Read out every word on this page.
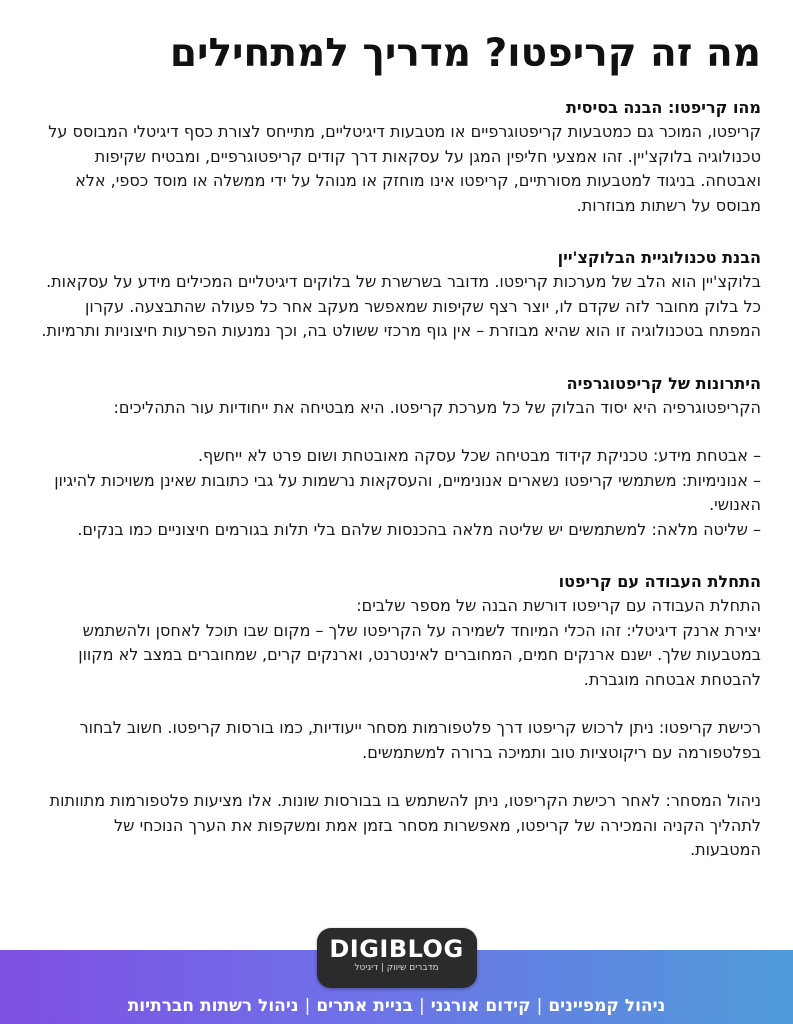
מה זה קריפטו? מדריך למתחילים
מהו קריפטו: הבנה בסיסית

קריפטו, המוכר גם כמטבעות קריפטוגרפיים או מטבעות דיגיטליים, מתייחס לצורת כסף דיגיטלי המבוסס על טכנולוגיה בלוקצ'יין. זהו אמצעי חליפין המגן על עסקאות דרך קודים קריפטוגרפיים, ומבטיח שקיפות ואבטחה. בניגוד למטבעות מסורתיים, קריפטו אינו מוחזק או מנוהל על ידי ממשלה או מוסד כספי, אלא מבוסס על רשתות מבוזרות.

הבנת טכנולוגיית הבלוקצ'יין

בלוקצ'יין הוא הלב של מערכות קריפטו. מדובר בשרשרת של בלוקים דיגיטליים המכילים מידע על עסקאות. כל בלוק מחובר לזה שקדם לו, יוצר רצף שקיפות שמאפשר מעקב אחר כל פעולה שהתבצעה. עקרון המפתח בטכנולוגיה זו הוא שהיא מבוזרת – אין גוף מרכזי ששולט בה, וכך נמנעות הפרעות חיצוניות ותרמיות.

היתרונות של קריפטוגרפיה

הקריפטוגרפיה היא יסוד הבלוק של כל מערכת קריפטו. היא מבטיחה את ייחודיות עור התהליכים:

– אבטחת מידע: טכניקת קידוד מבטיחה שכל עסקה מאובטחת ושום פרט לא ייחשף.

– אנונימיות: משתמשי קריפטו נשארים אנונימיים, והעסקאות נרשמות על גבי כתובות שאינן משויכות להיגיון האנושי.

– שליטה מלאה: למשתמשים יש שליטה מלאה בהכנסות שלהם בלי תלות בגורמים חיצוניים כמו בנקים.

התחלת העבודה עם קריפטו

התחלת העבודה עם קריפטו דורשת הבנה של מספר שלבים:

יצירת ארנק דיגיטלי: זהו הכלי המיוחד לשמירה על הקריפטו שלך – מקום שבו תוכל לאחסן ולהשתמש במטבעות שלך. ישנם ארנקים חמים, המחוברים לאינטרנט, וארנקים קרים, שמחוברים במצב לא מקוון להבטחת אבטחה מוגברת.

רכישת קריפטו: ניתן לרכוש קריפטו דרך פלטפורמות מסחר ייעודיות, כמו בורסות קריפטו. חשוב לבחור בפלטפורמה עם ריקוטציות טוב ותמיכה ברורה למשתמשים.

ניהול המסחר: לאחר רכישת הקריפטו, ניתן להשתמש בו בבורסות שונות. אלו מציעות פלטפורמות מתוותות לתהליך הקניה והמכירה של קריפטו, מאפשרות מסחר בזמן אמת ומשקפות את הערך הנוכחי של המטבעות.

DIGIBLOG
מדברים שיווק | דיגיטל
ניהול קמפיינים|קידום אורגני|בניית אתרים|ניהול רשתות חברתיות
